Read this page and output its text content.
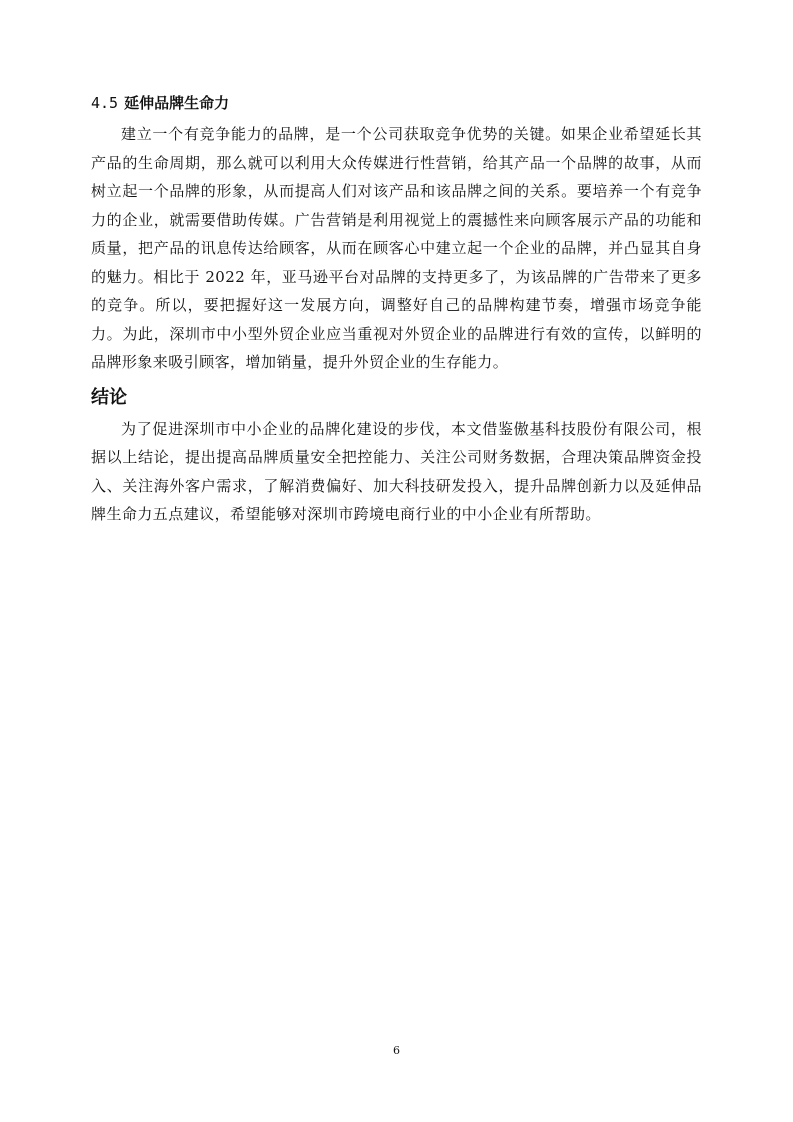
4.5 延伸品牌生命力

建立一个有竞争能力的品牌，是一个公司获取竞争优势的关键。如果企业希望延长其产品的生命周期，那么就可以利用大众传媒进行性营销，给其产品一个品牌的故事，从而树立起一个品牌的形象，从而提高人们对该产品和该品牌之间的关系。要培养一个有竞争力的企业，就需要借助传媒。广告营销是利用视觉上的震撼性来向顾客展示产品的功能和质量，把产品的讯息传达给顾客，从而在顾客心中建立起一个企业的品牌，并凸显其自身的魅力。相比于 2022 年，亚马逊平台对品牌的支持更多了，为该品牌的广告带来了更多的竞争。所以，要把握好这一发展方向，调整好自己的品牌构建节奏，增强市场竞争能力。为此，深圳市中小型外贸企业应当重视对外贸企业的品牌进行有效的宣传，以鲜明的品牌形象来吸引顾客，增加销量，提升外贸企业的生存能力。

结论

为了促进深圳市中小企业的品牌化建设的步伐，本文借鉴傲基科技股份有限公司，根据以上结论，提出提高品牌质量安全把控能力、关注公司财务数据，合理决策品牌资金投入、关注海外客户需求，了解消费偏好、加大科技研发投入，提升品牌创新力以及延伸品牌生命力五点建议，希望能够对深圳市跨境电商行业的中小企业有所帮助。

6
